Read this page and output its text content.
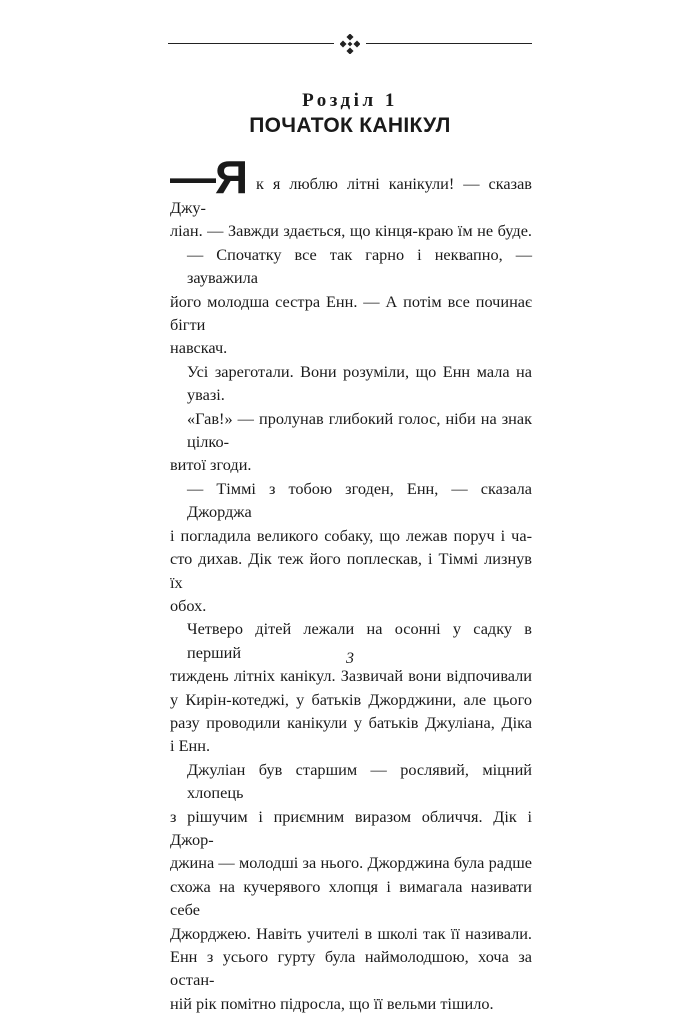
Розділ 1
ПОЧАТОК КАНІКУЛ
—Я к я люблю літні канікули! — сказав Джу-
ліан. — Завжди здається, що кінця-краю їм не буде.
— Спочатку все так гарно і неквапно, — зауважила
його молодша сестра Енн. — А потім все починає бігти
навскач.
Усі зареготали. Вони розуміли, що Енн мала на увазі.
«Гав!» — пролунав глибокий голос, ніби на знак цілко-
витої згоди.
— Тіммі з тобою згоден, Енн, — сказала Джорджа
і погладила великого собаку, що лежав поруч і ча-
сто дихав. Дік теж його поплескав, і Тіммі лизнув їх
обох.
Четверо дітей лежали на осонні у садку в перший
тиждень літніх канікул. Зазвичай вони відпочивали
у Кирін-котеджі, у батьків Джорджини, але цього
разу проводили канікули у батьків Джуліана, Діка
і Енн.
Джуліан був старшим — рослявий, міцний хлопець
з рішучим і приємним виразом обличчя. Дік і Джор-
джина — молодші за нього. Джорджина була радше
схожа на кучерявого хлопця і вимагала називати себе
Джорджею. Навіть учителі в школі так її називали.
Енн з усього гурту була наймолодшою, хоча за остан-
ній рік помітно підросла, що її вельми тішило.
3
